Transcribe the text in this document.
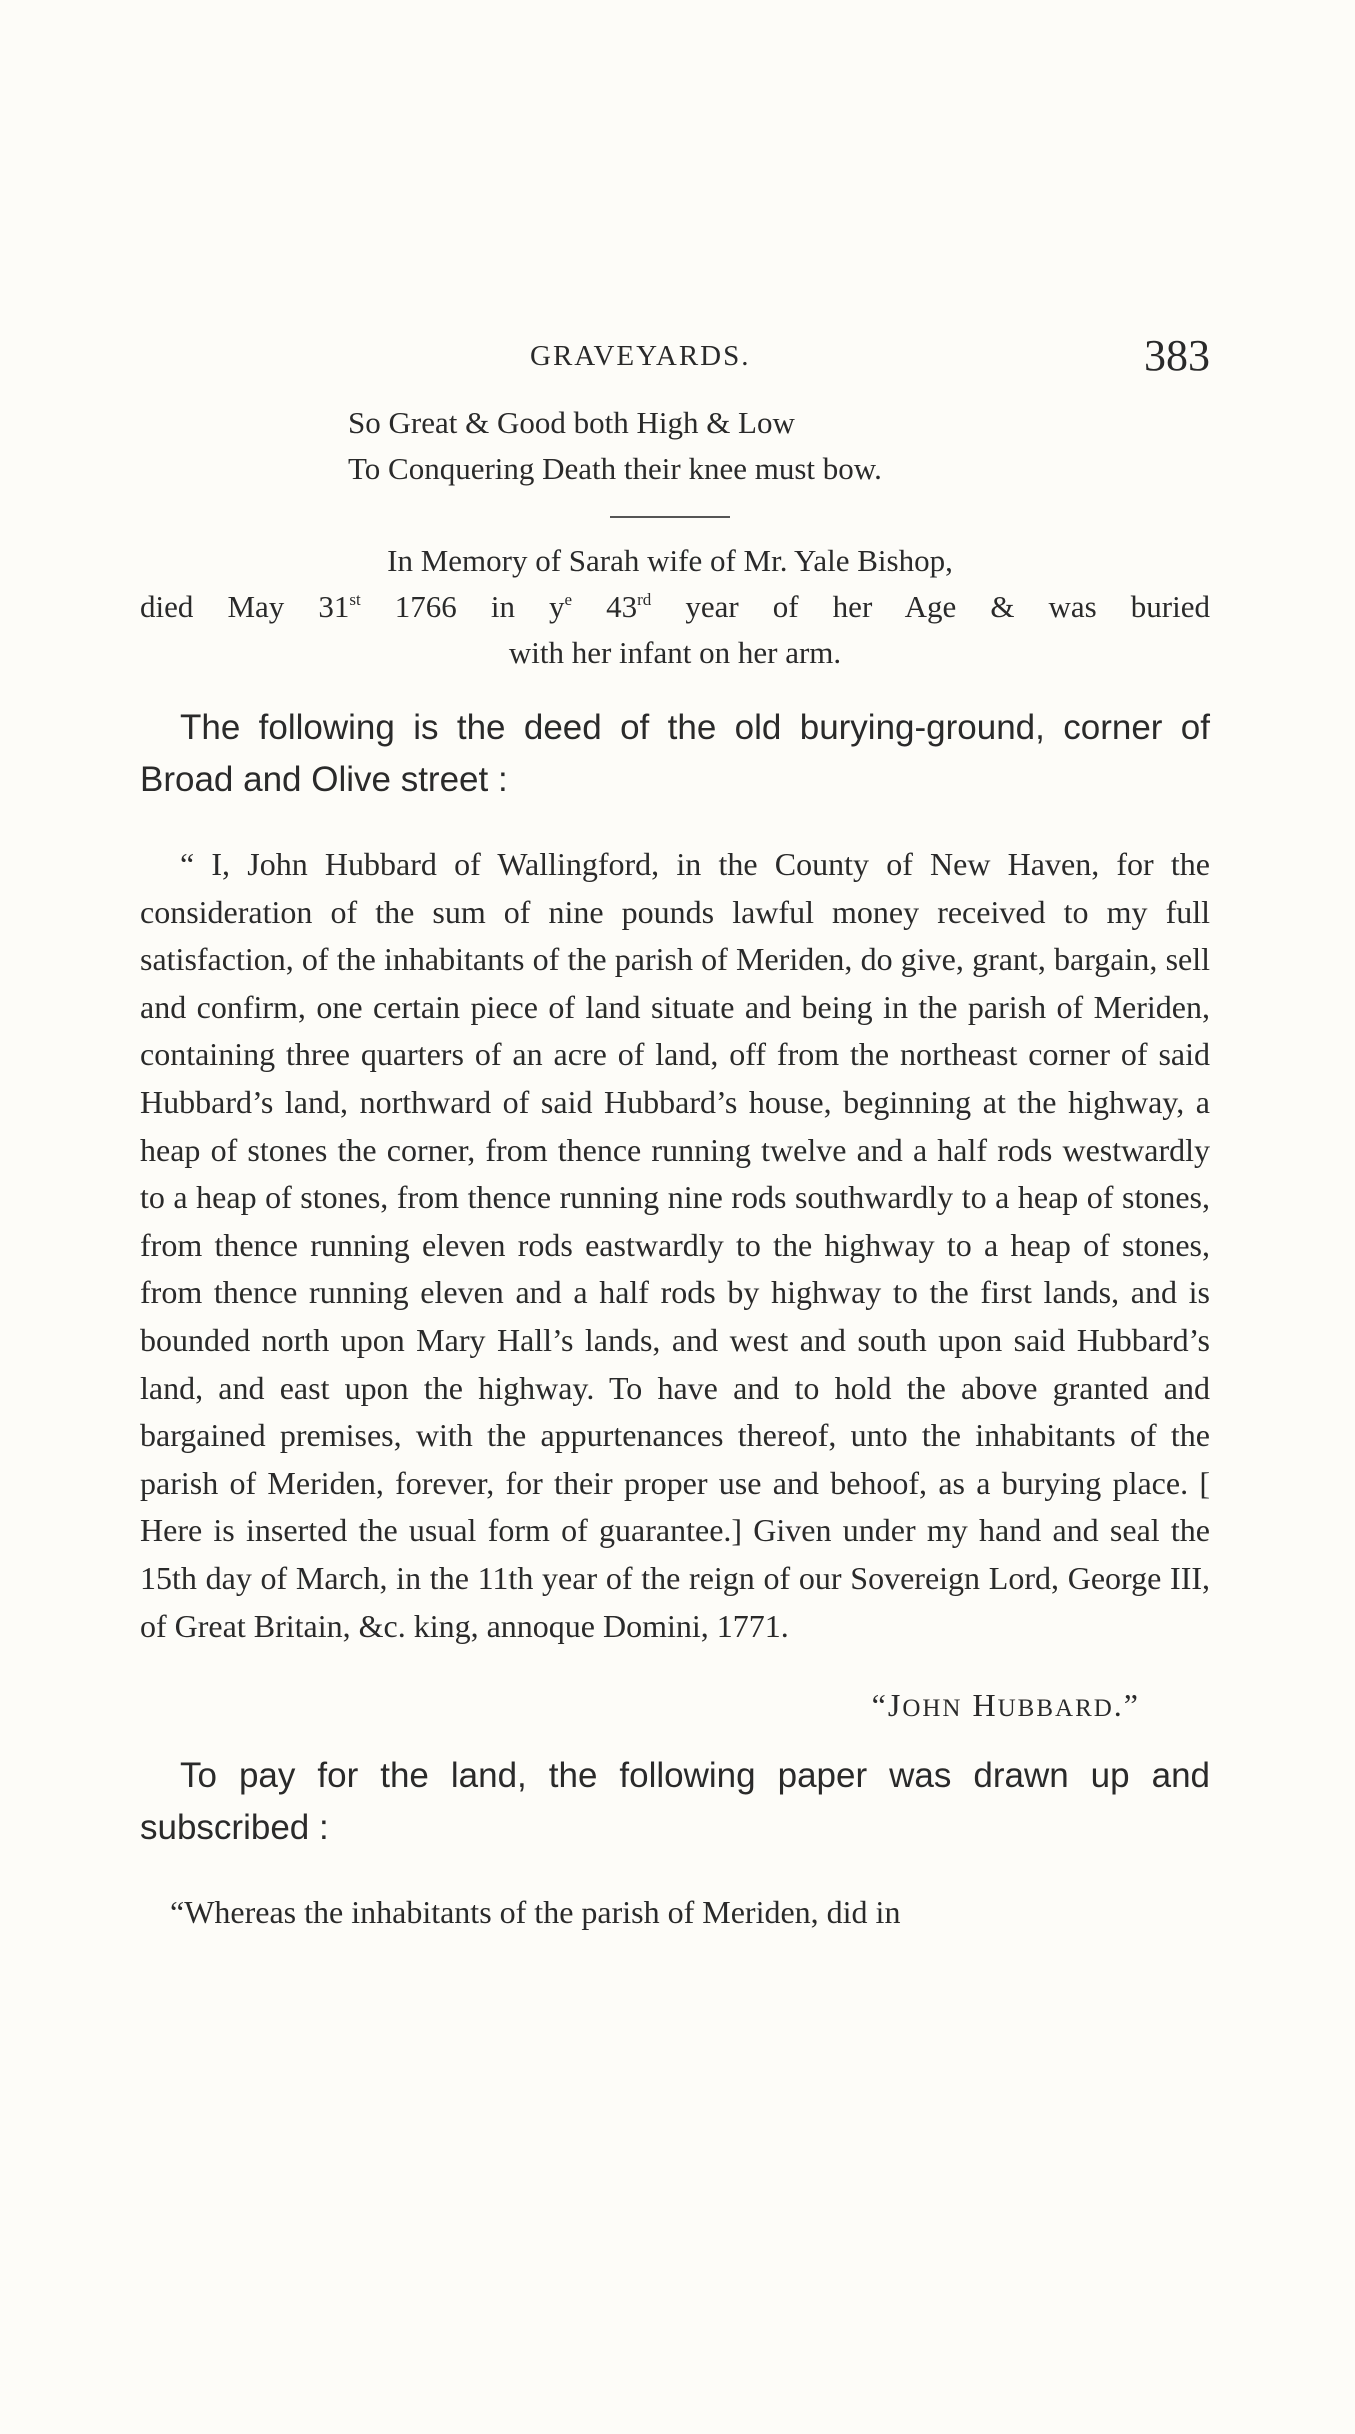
GRAVEYARDS.	383
So Great & Good both High & Low
To Conquering Death their knee must bow.
In Memory of Sarah wife of Mr. Yale Bishop,
died May 31st 1766 in $y^e$ 43rd year of her Age & was buried
with her infant on her arm.

The following is the deed of the old burying-ground, corner of Broad and Olive street :

“ I, John Hubbard of Wallingford, in the County of New Haven, for the consideration of the sum of nine pounds lawful money received to my full satisfaction, of the inhabitants of the parish of Meriden, do give, grant, bargain, sell and confirm, one certain piece of land situate and being in the parish of Meriden, containing three quarters of an acre of land, off from the northeast corner of said Hubbard’s land, northward of said Hubbard’s house, beginning at the highway, a heap of stones the corner, from thence running twelve and a half rods westwardly to a heap of stones, from thence running nine rods southwardly to a heap of stones, from thence running eleven rods eastwardly to the highway to a heap of stones, from thence running eleven and a half rods by highway to the first lands, and is bounded north upon Mary Hall’s lands, and west and south upon said Hubbard’s land, and east upon the highway. To have and to hold the above granted and bargained premises, with the appurtenances thereof, unto the inhabitants of the parish of Meriden, forever, for their proper use and behoof, as a burying place. [ Here is inserted the usual form of guarantee.] Given under my hand and seal the 15th day of March, in the 11th year of the reign of our Sovereign Lord, George III, of Great Britain, &c. king, annoque Domini, 1771.

“JOHN HUBBARD.”

To pay for the land, the following paper was drawn up and subscribed :

“Whereas the inhabitants of the parish of Meriden, did in
